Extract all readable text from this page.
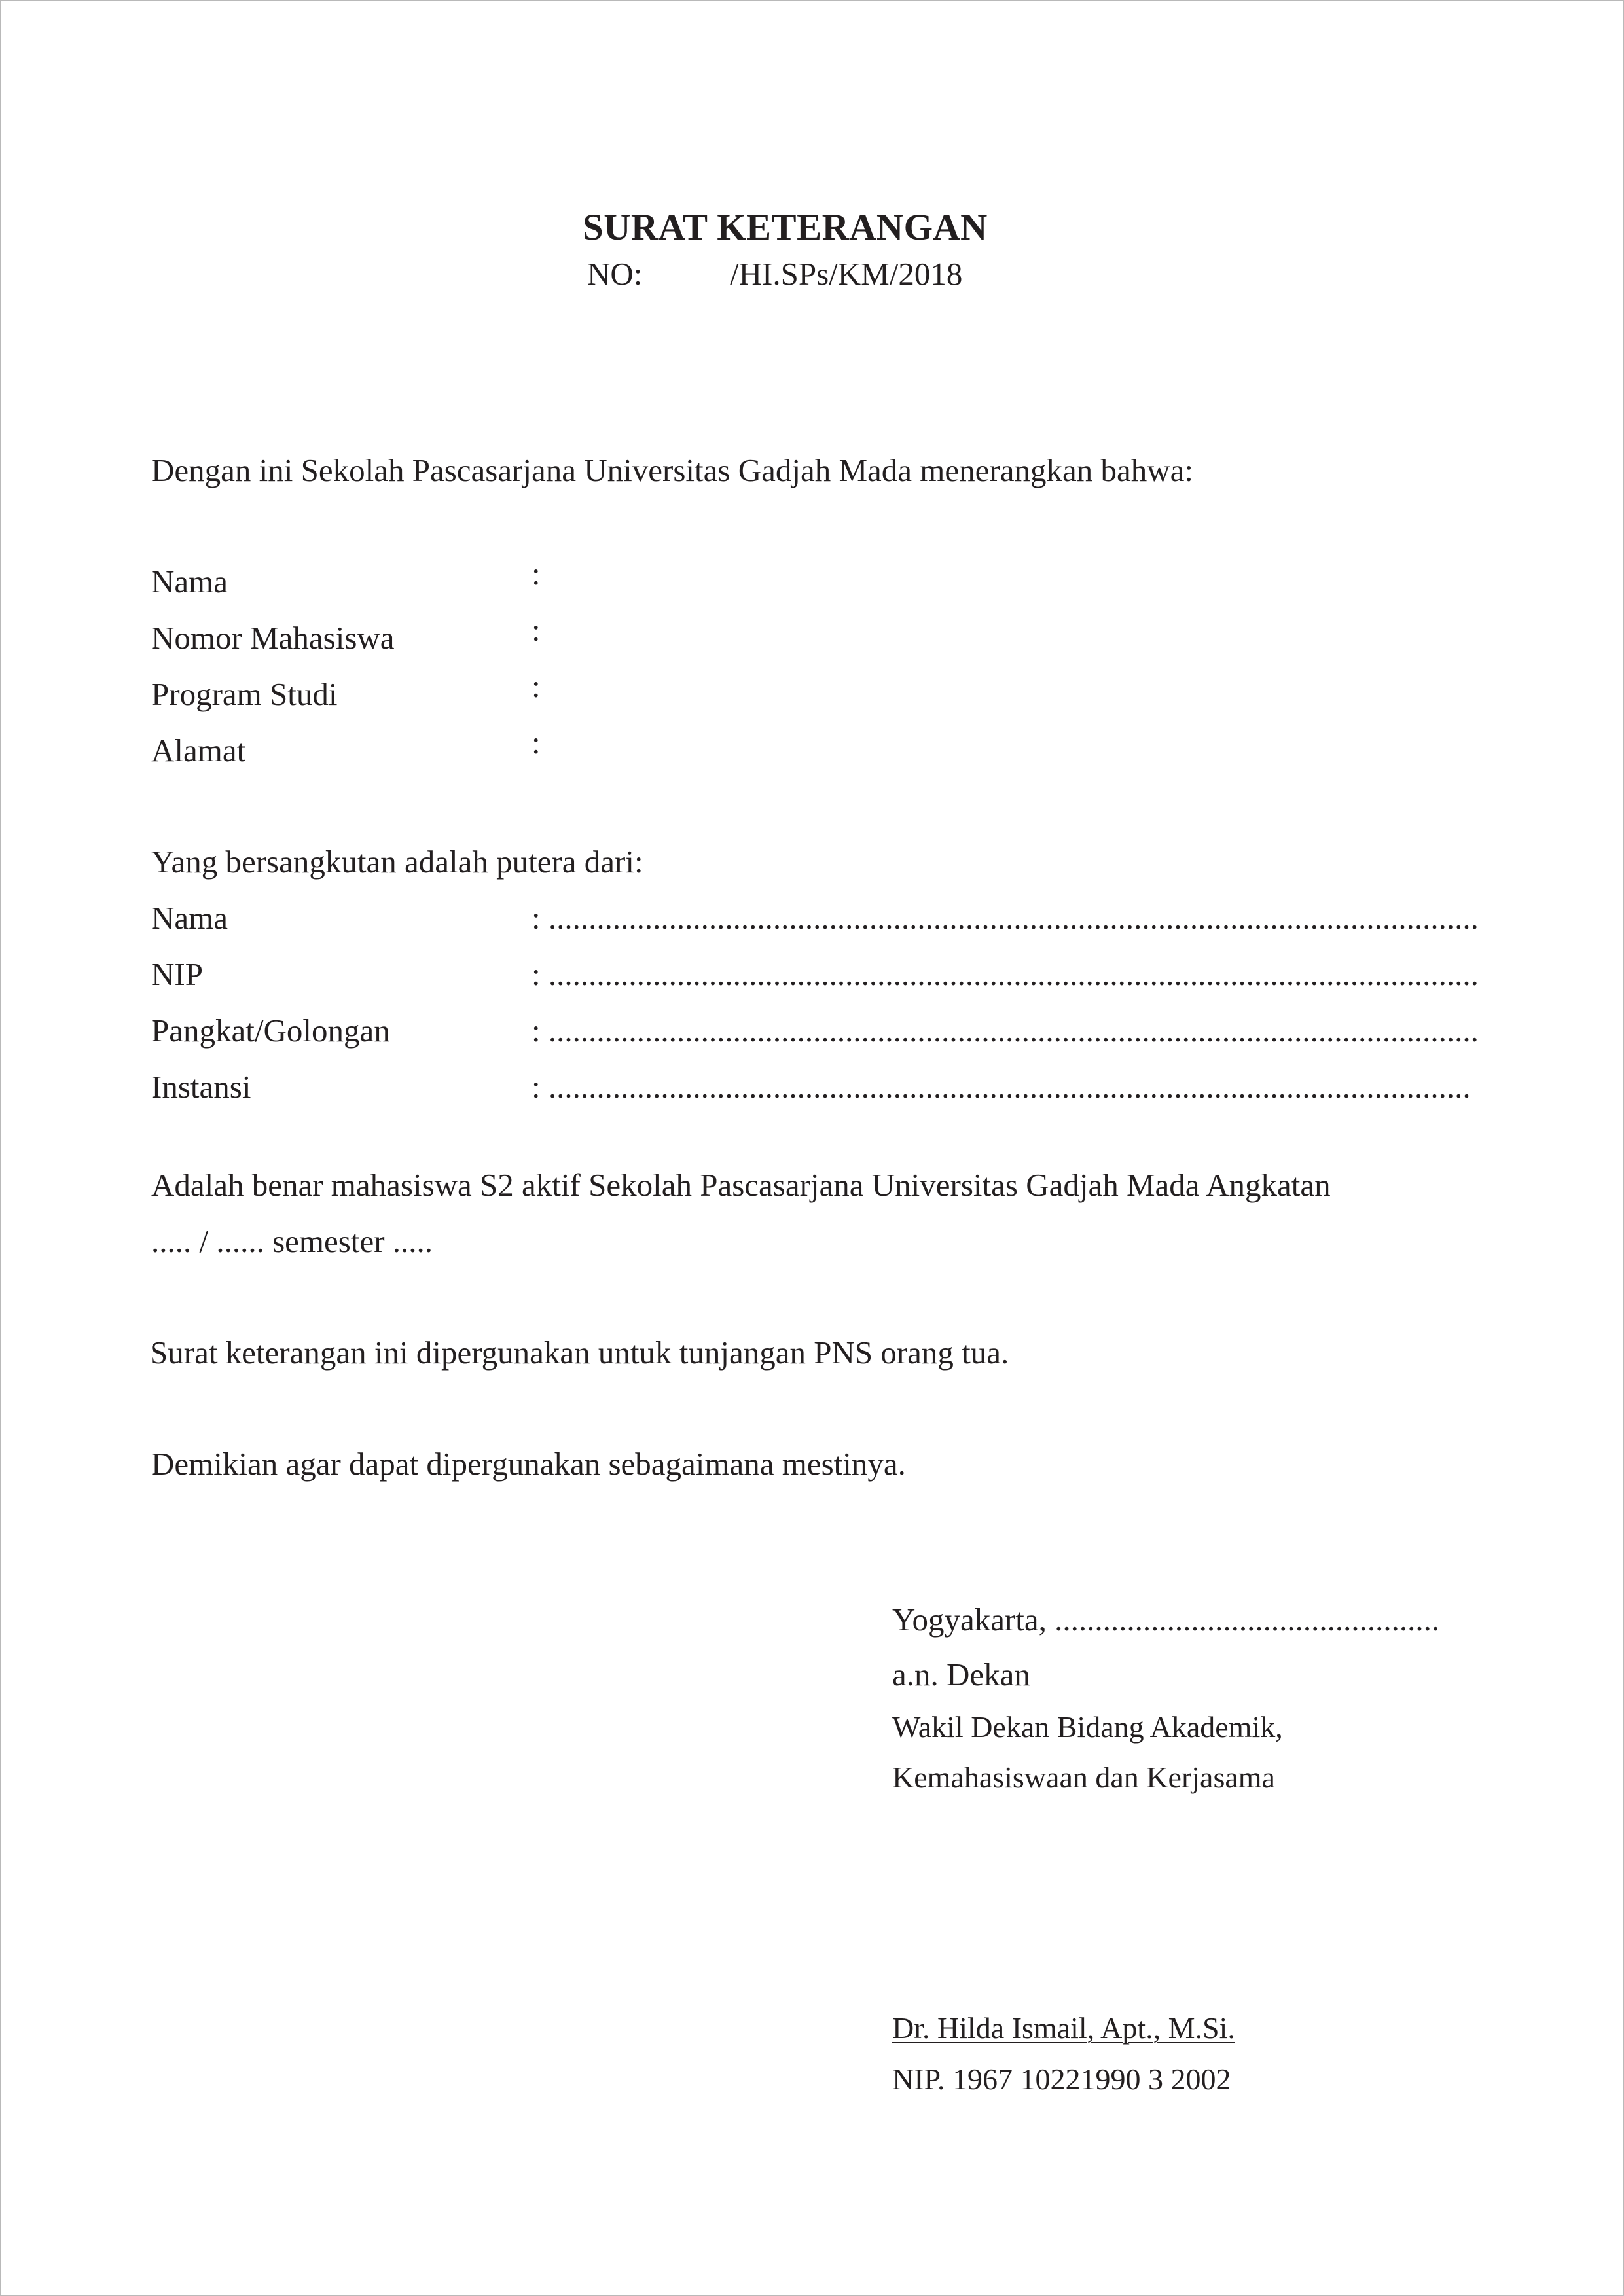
SURAT KETERANGAN
NO:	/HI.SPs/KM/2018
Dengan ini Sekolah Pascasarjana Universitas Gadjah Mada menerangkan bahwa:
Nama	:
Nomor Mahasiswa	:
Program Studi	:
Alamat	:
Yang bersangkutan adalah putera dari:
Nama	: ....................................................................................................................
NIP	: ....................................................................................................................
Pangkat/Golongan	: ....................................................................................................................
Instansi	: ...................................................................................................................
Adalah benar mahasiswa S2 aktif Sekolah Pascasarjana Universitas Gadjah Mada Angkatan
..... / ...... semester .....
Surat keterangan ini dipergunakan untuk tunjangan PNS orang tua.
Demikian agar dapat dipergunakan sebagaimana mestinya.
Yogyakarta, ................................................
a.n. Dekan
Wakil Dekan Bidang Akademik,
Kemahasiswaan dan Kerjasama
Dr. Hilda Ismail, Apt., M.Si.
NIP. 1967 10221990 3 2002
